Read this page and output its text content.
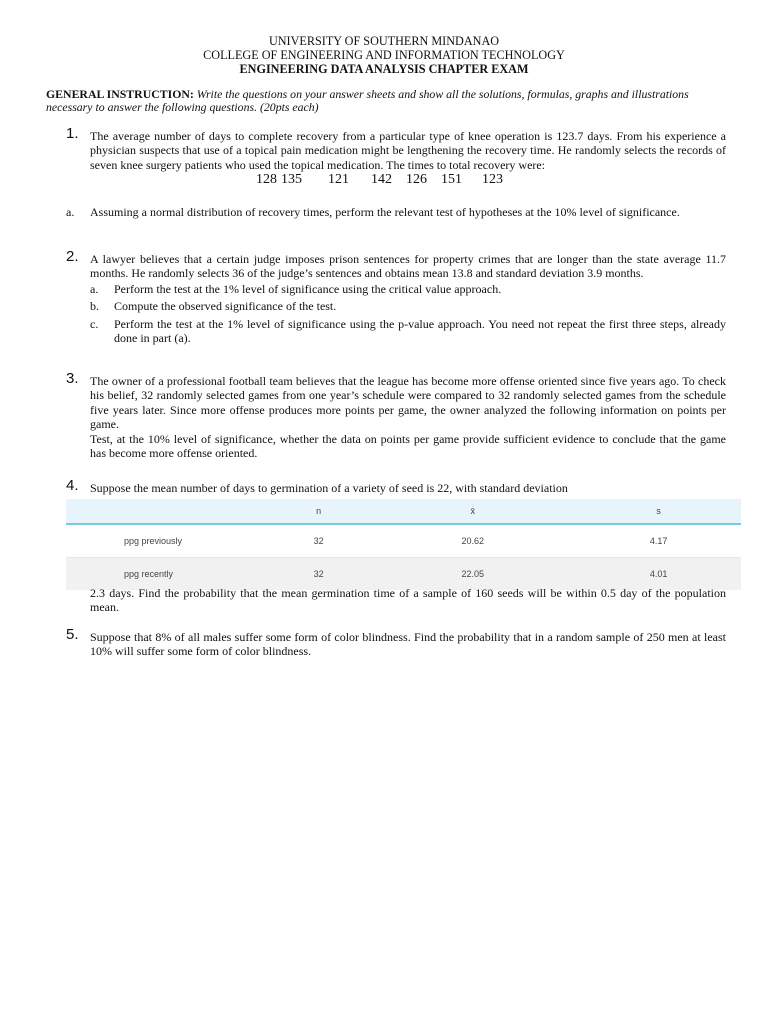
UNIVERSITY OF SOUTHERN MINDANAO
COLLEGE OF ENGINEERING AND INFORMATION TECHNOLOGY
ENGINEERING DATA ANALYSIS CHAPTER EXAM
GENERAL INSTRUCTION: Write the questions on your answer sheets and show all the solutions, formulas, graphs and illustrations necessary to answer the following questions. (20pts each)
1. The average number of days to complete recovery from a particular type of knee operation is 123.7 days. From his experience a physician suspects that use of a topical pain medication might be lengthening the recovery time. He randomly selects the records of seven knee surgery patients who used the topical medication. The times to total recovery were:
128 135 121 142 126 151 123
a. Assuming a normal distribution of recovery times, perform the relevant test of hypotheses at the 10% level of significance.
2. A lawyer believes that a certain judge imposes prison sentences for property crimes that are longer than the state average 11.7 months. He randomly selects 36 of the judge’s sentences and obtains mean 13.8 and standard deviation 3.9 months.
a. Perform the test at the 1% level of significance using the critical value approach.
b. Compute the observed significance of the test.
c. Perform the test at the 1% level of significance using the p-value approach. You need not repeat the first three steps, already done in part (a).
3. The owner of a professional football team believes that the league has become more offense oriented since five years ago. To check his belief, 32 randomly selected games from one year’s schedule were compared to 32 randomly selected games from the schedule five years later. Since more offense produces more points per game, the owner analyzed the following information on points per game.
Test, at the 10% level of significance, whether the data on points per game provide sufficient evidence to conclude that the game has become more offense oriented.
4. Suppose the mean number of days to germination of a variety of seed is 22, with standard deviation
	n	x̄	s
ppg previously	32	20.62	4.17
ppg recently	32	22.05	4.01
2.3 days. Find the probability that the mean germination time of a sample of 160 seeds will be within 0.5 day of the population mean.
5. Suppose that 8% of all males suffer some form of color blindness. Find the probability that in a random sample of 250 men at least 10% will suffer some form of color blindness.
